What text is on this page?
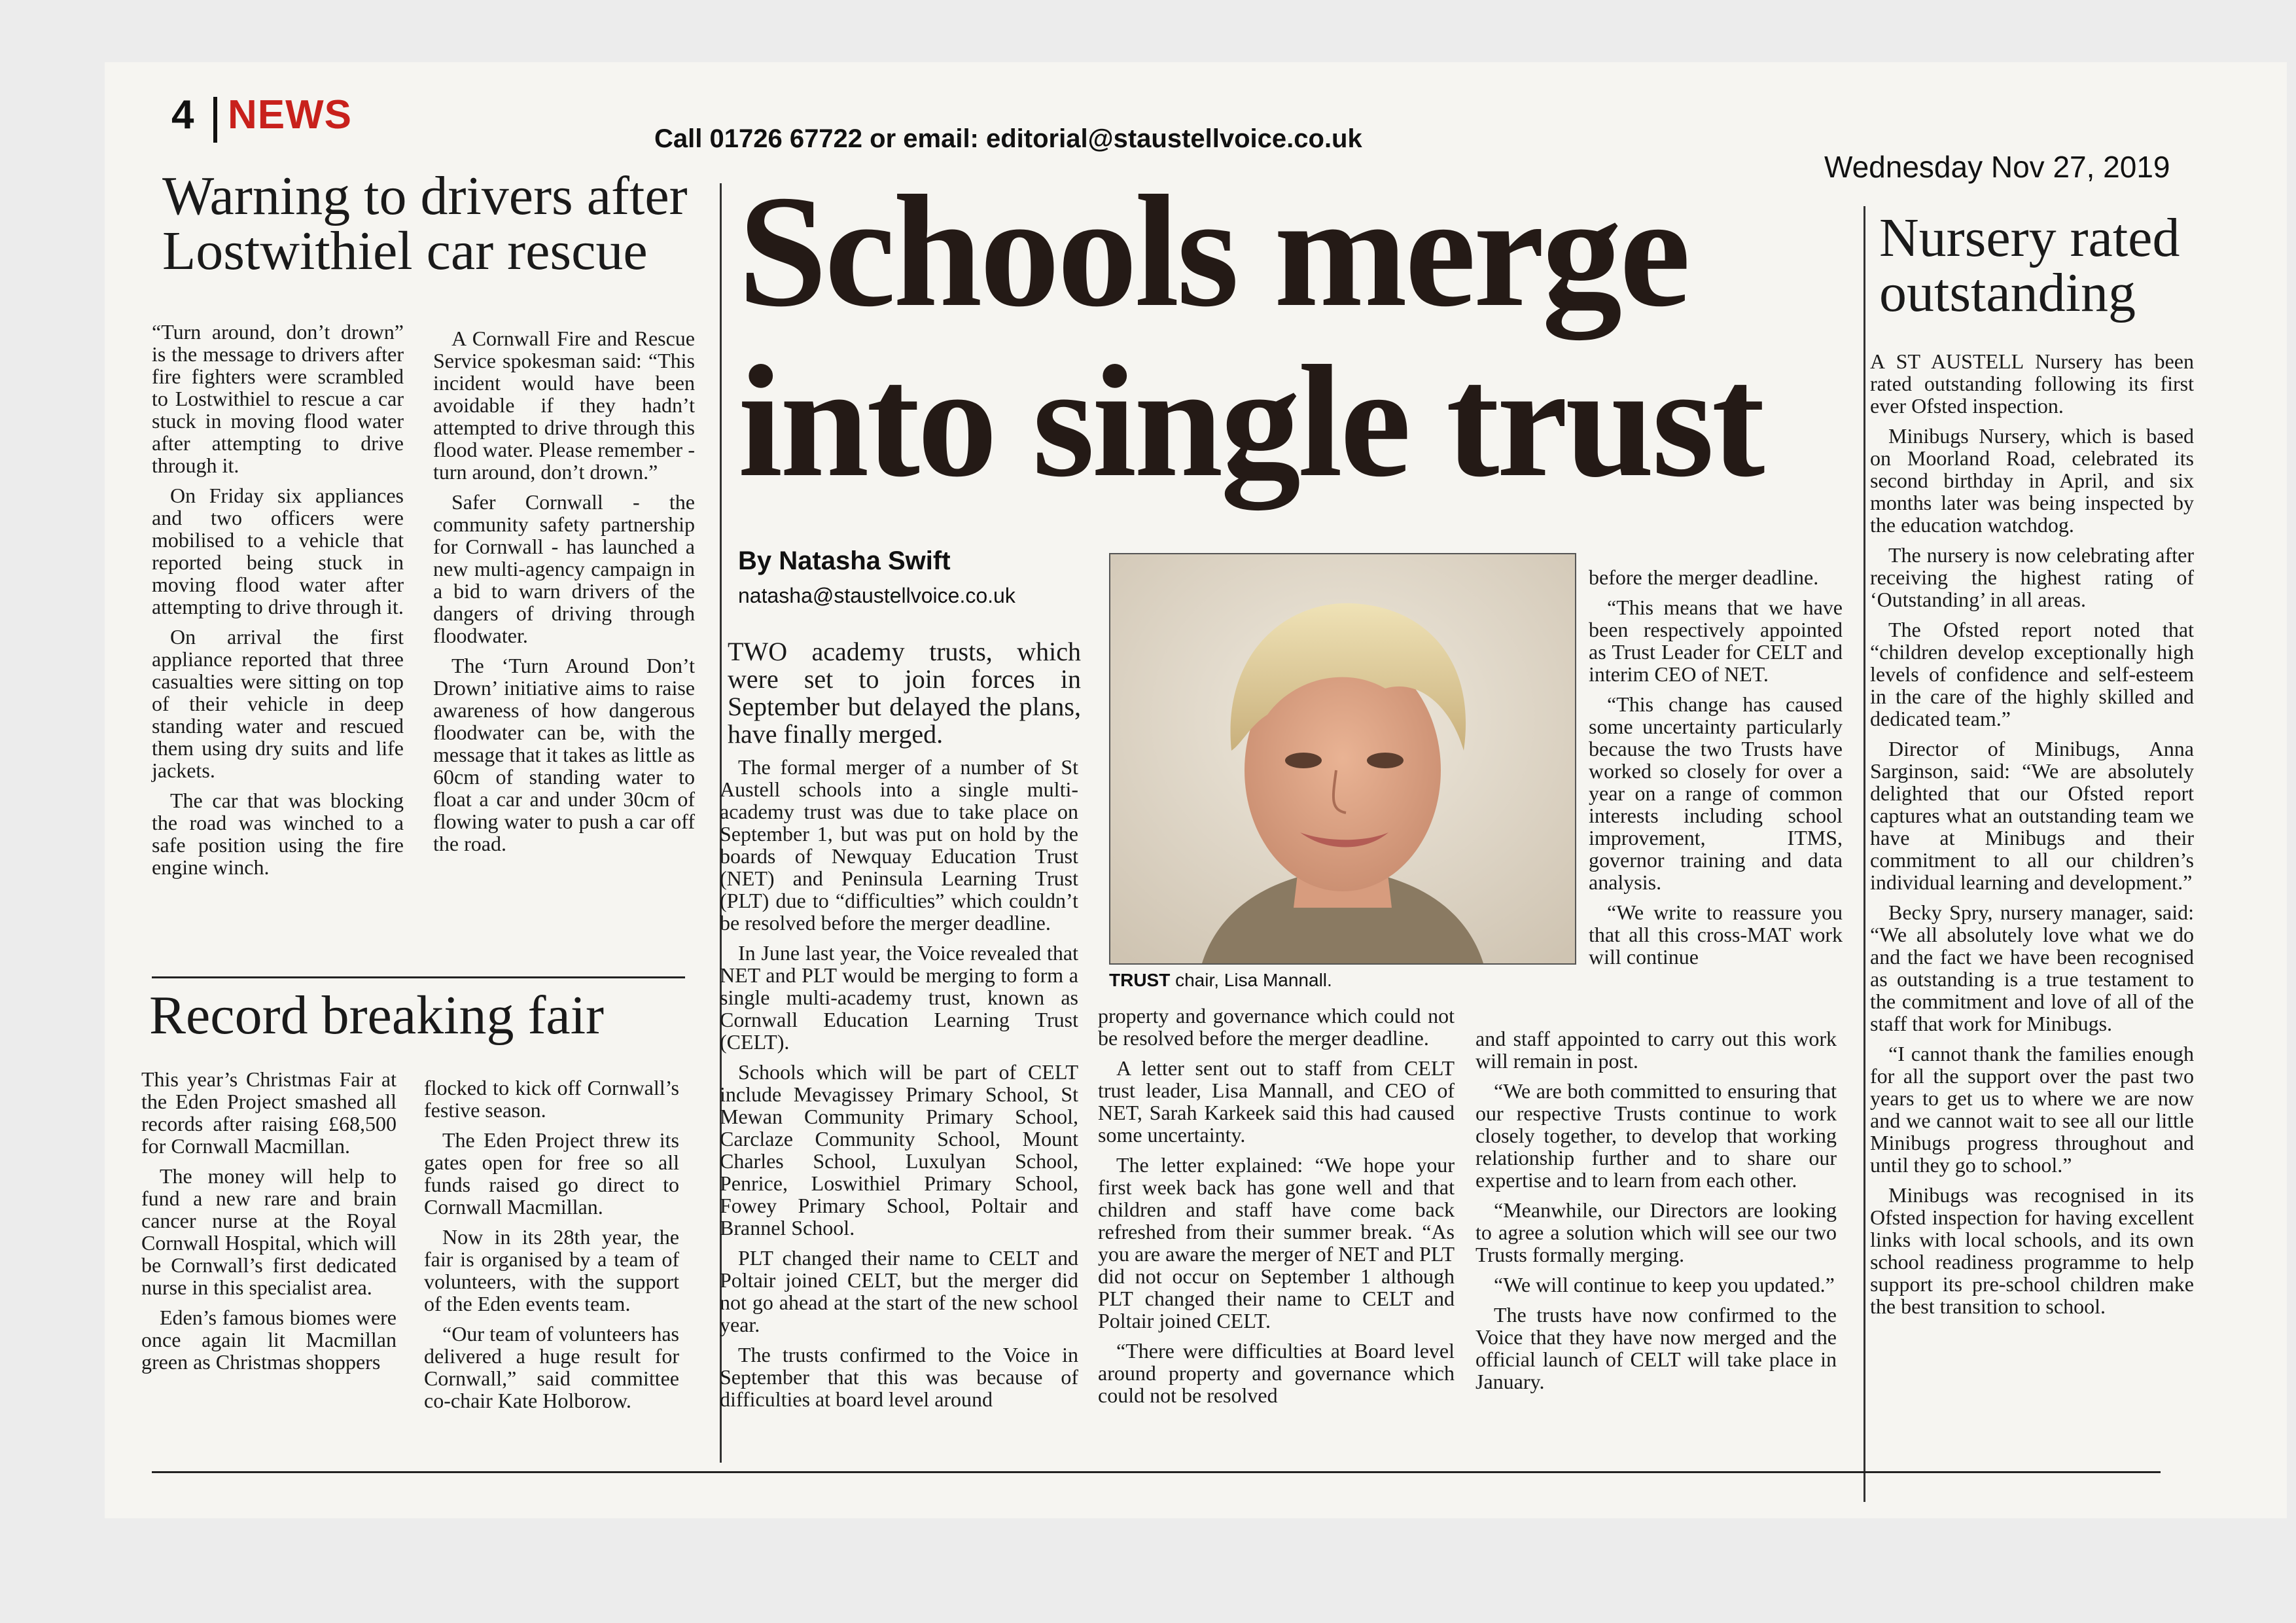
4 NEWS
Call 01726 67722 or email: editorial@staustellvoice.co.uk
Wednesday Nov 27, 2019
Warning to drivers after
Lostwithiel car rescue

“Turn around, don’t drown” is the message to drivers after fire fighters were scrambled to Lostwithiel to rescue a car stuck in moving flood water after attempting to drive through it.

On Friday six appliances and two officers were mobilised to a vehicle that reported being stuck in moving flood water after attempting to drive through it.

On arrival the first appliance reported that three casualties were sitting on top of their vehicle in deep standing water and rescued them using dry suits and life jackets.

The car that was blocking the road was winched to a safe position using the fire engine winch.

A Cornwall Fire and Rescue Service spokesman said: “This incident would have been avoidable if they hadn’t attempted to drive through this flood water. Please remember - turn around, don’t drown.”

Safer Cornwall - the community safety partnership for Cornwall - has launched a new multi-agency campaign in a bid to warn drivers of the dangers of driving through floodwater.

The ‘Turn Around Don’t Drown’ initiative aims to raise awareness of how dangerous floodwater can be, with the message that it takes as little as 60cm of standing water to float a car and under 30cm of flowing water to push a car off the road.

Record breaking fair

This year’s Christmas Fair at the Eden Project smashed all records after raising £68,500 for Cornwall Macmillan.

The money will help to fund a new rare and brain cancer nurse at the Royal Cornwall Hospital, which will be Cornwall’s first dedicated nurse in this specialist area.

Eden’s famous biomes were once again lit Macmillan green as Christmas shoppers

flocked to kick off Cornwall’s festive season.

The Eden Project threw its gates open for free so all funds raised go direct to Cornwall Macmillan.

Now in its 28th year, the fair is organised by a team of volunteers, with the support of the Eden events team.

“Our team of volunteers has delivered a huge result for Cornwall,” said committee co-chair Kate Holborow.

Schools merge
into single trust
By Natasha Swift
natasha@staustellvoice.co.uk
TWO academy trusts, which were set to join forces in September but delayed the plans, have finally merged.

The formal merger of a number of St Austell schools into a single multi-academy trust was due to take place on September 1, but was put on hold by the boards of Newquay Education Trust (NET) and Peninsula Learning Trust (PLT) due to “difficulties” which couldn’t be resolved before the merger deadline.

In June last year, the Voice revealed that NET and PLT would be merging to form a single multi-academy trust, known as Cornwall Education Learning Trust (CELT).

Schools which will be part of CELT include Mevagissey Primary School, St Mewan Community Primary School, Carclaze Community School, Mount Charles School, Luxulyan School, Penrice, Loswithiel Primary School, Fowey Primary School, Poltair and Brannel School.

PLT changed their name to CELT and Poltair joined CELT, but the merger did not go ahead at the start of the new school year.

The trusts confirmed to the Voice in September that this was because of difficulties at board level around

TRUST chair, Lisa Mannall.

property and governance which could not be resolved before the merger deadline.

A letter sent out to staff from CELT trust leader, Lisa Mannall, and CEO of NET, Sarah Karkeek said this had caused some uncertainty.

The letter explained: “We hope your first week back has gone well and that children and staff have come back refreshed from their summer break. “As you are aware the merger of NET and PLT did not occur on September 1 although PLT changed their name to CELT and Poltair joined CELT.

“There were difficulties at Board level around property and governance which could not be resolved

before the merger deadline.

“This means that we have been respectively appointed as Trust Leader for CELT and interim CEO of NET.

“This change has caused some uncertainty particularly because the two Trusts have worked so closely for over a year on a range of common interests including school improvement, ITMS, governor training and data analysis.

“We write to reassure you that all this cross-MAT work will continue

and staff appointed to carry out this work will remain in post.

“We are both committed to ensuring that our respective Trusts continue to work closely together, to develop that working relationship further and to share our expertise and to learn from each other.

“Meanwhile, our Directors are looking to agree a solution which will see our two Trusts formally merging.

“We will continue to keep you updated.”

The trusts have now confirmed to the Voice that they have now merged and the official launch of CELT will take place in January.

Nursery rated
outstanding

A ST AUSTELL Nursery has been rated outstanding following its first ever Ofsted inspection.

Minibugs Nursery, which is based on Moorland Road, celebrated its second birthday in April, and six months later was being inspected by the education watchdog.

The nursery is now celebrating after receiving the highest rating of ‘Outstanding’ in all areas.

The Ofsted report noted that “children develop exceptionally high levels of confidence and self-esteem in the care of the highly skilled and dedicated team.”

Director of Minibugs, Anna Sarginson, said: “We are absolutely delighted that our Ofsted report captures what an outstanding team we have at Minibugs and their commitment to all our children’s individual learning and development.”

Becky Spry, nursery manager, said: “We all absolutely love what we do and the fact we have been recognised as outstanding is a true testament to the commitment and love of all of the staff that work for Minibugs.

“I cannot thank the families enough for all the support over the past two years to get us to where we are now and we cannot wait to see all our little Minibugs progress throughout and until they go to school.”

Minibugs was recognised in its Ofsted inspection for having excellent links with local schools, and its own school readiness programme to help support its pre-school children make the best transition to school.
